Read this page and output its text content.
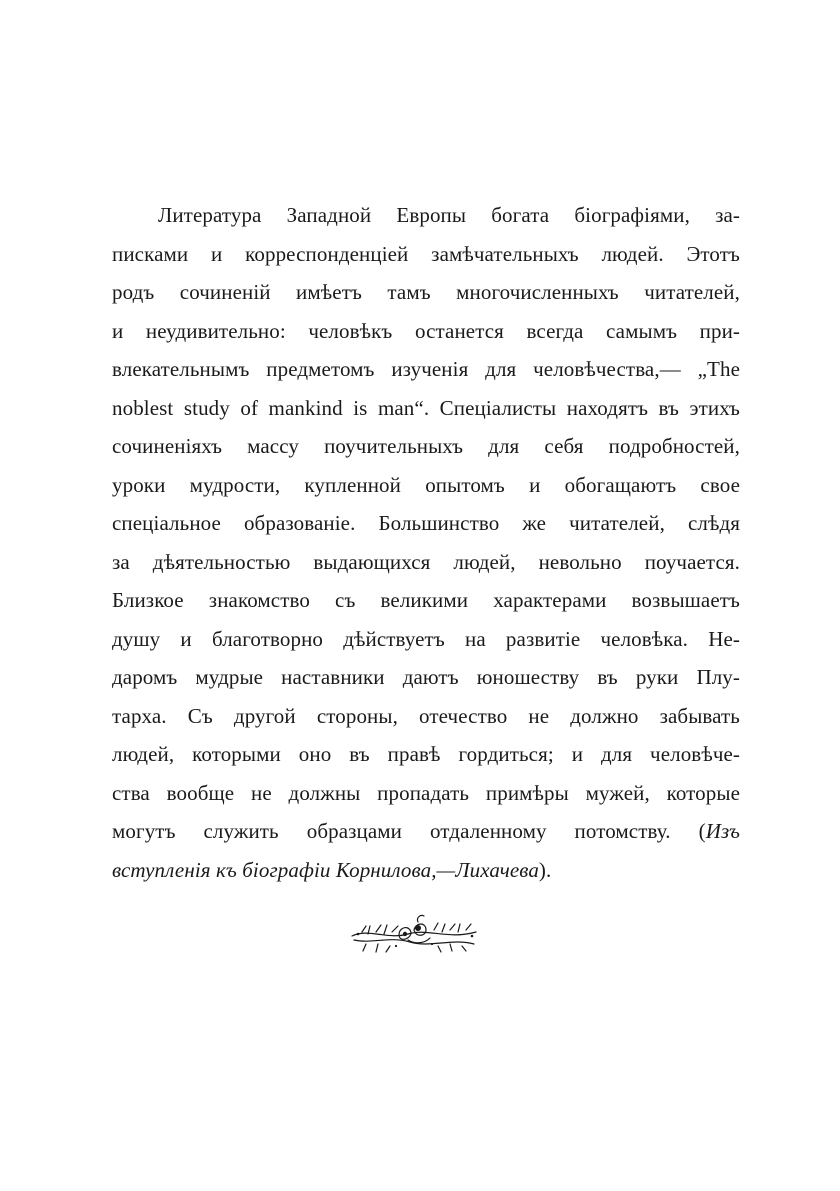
Литература Западной Европы богата біографіями, за-
писками и корреспонденціей замѣчательныхъ людей. Этотъ
родъ сочиненій имѣетъ тамъ многочисленныхъ читателей,
и неудивительно: человѣкъ останется всегда самымъ при-
влекательнымъ предметомъ изученія для человѣчества,— „The
noblest study of mankind is man“. Спеціалисты находятъ въ этихъ
сочиненіяхъ массу поучительныхъ для себя подробностей,
уроки мудрости, купленной опытомъ и обогащаютъ свое
спеціальное образованіе. Большинство же читателей, слѣдя
за дѣятельностью выдающихся людей, невольно поучается.
Близкое знакомство съ великими характерами возвышаетъ
душу и благотворно дѣйствуетъ на развитіе человѣка. Не-
даромъ мудрые наставники даютъ юношеству въ руки Плу-
тарха. Съ другой стороны, отечество не должно забывать
людей, которыми оно въ правѣ гордиться; и для человѣче-
ства вообще не должны пропадать примѣры мужей, которые
могутъ служить образцами отдаленному потомству. (Изъ
вступленія къ біографіи Корнилова,—Лихачева).
